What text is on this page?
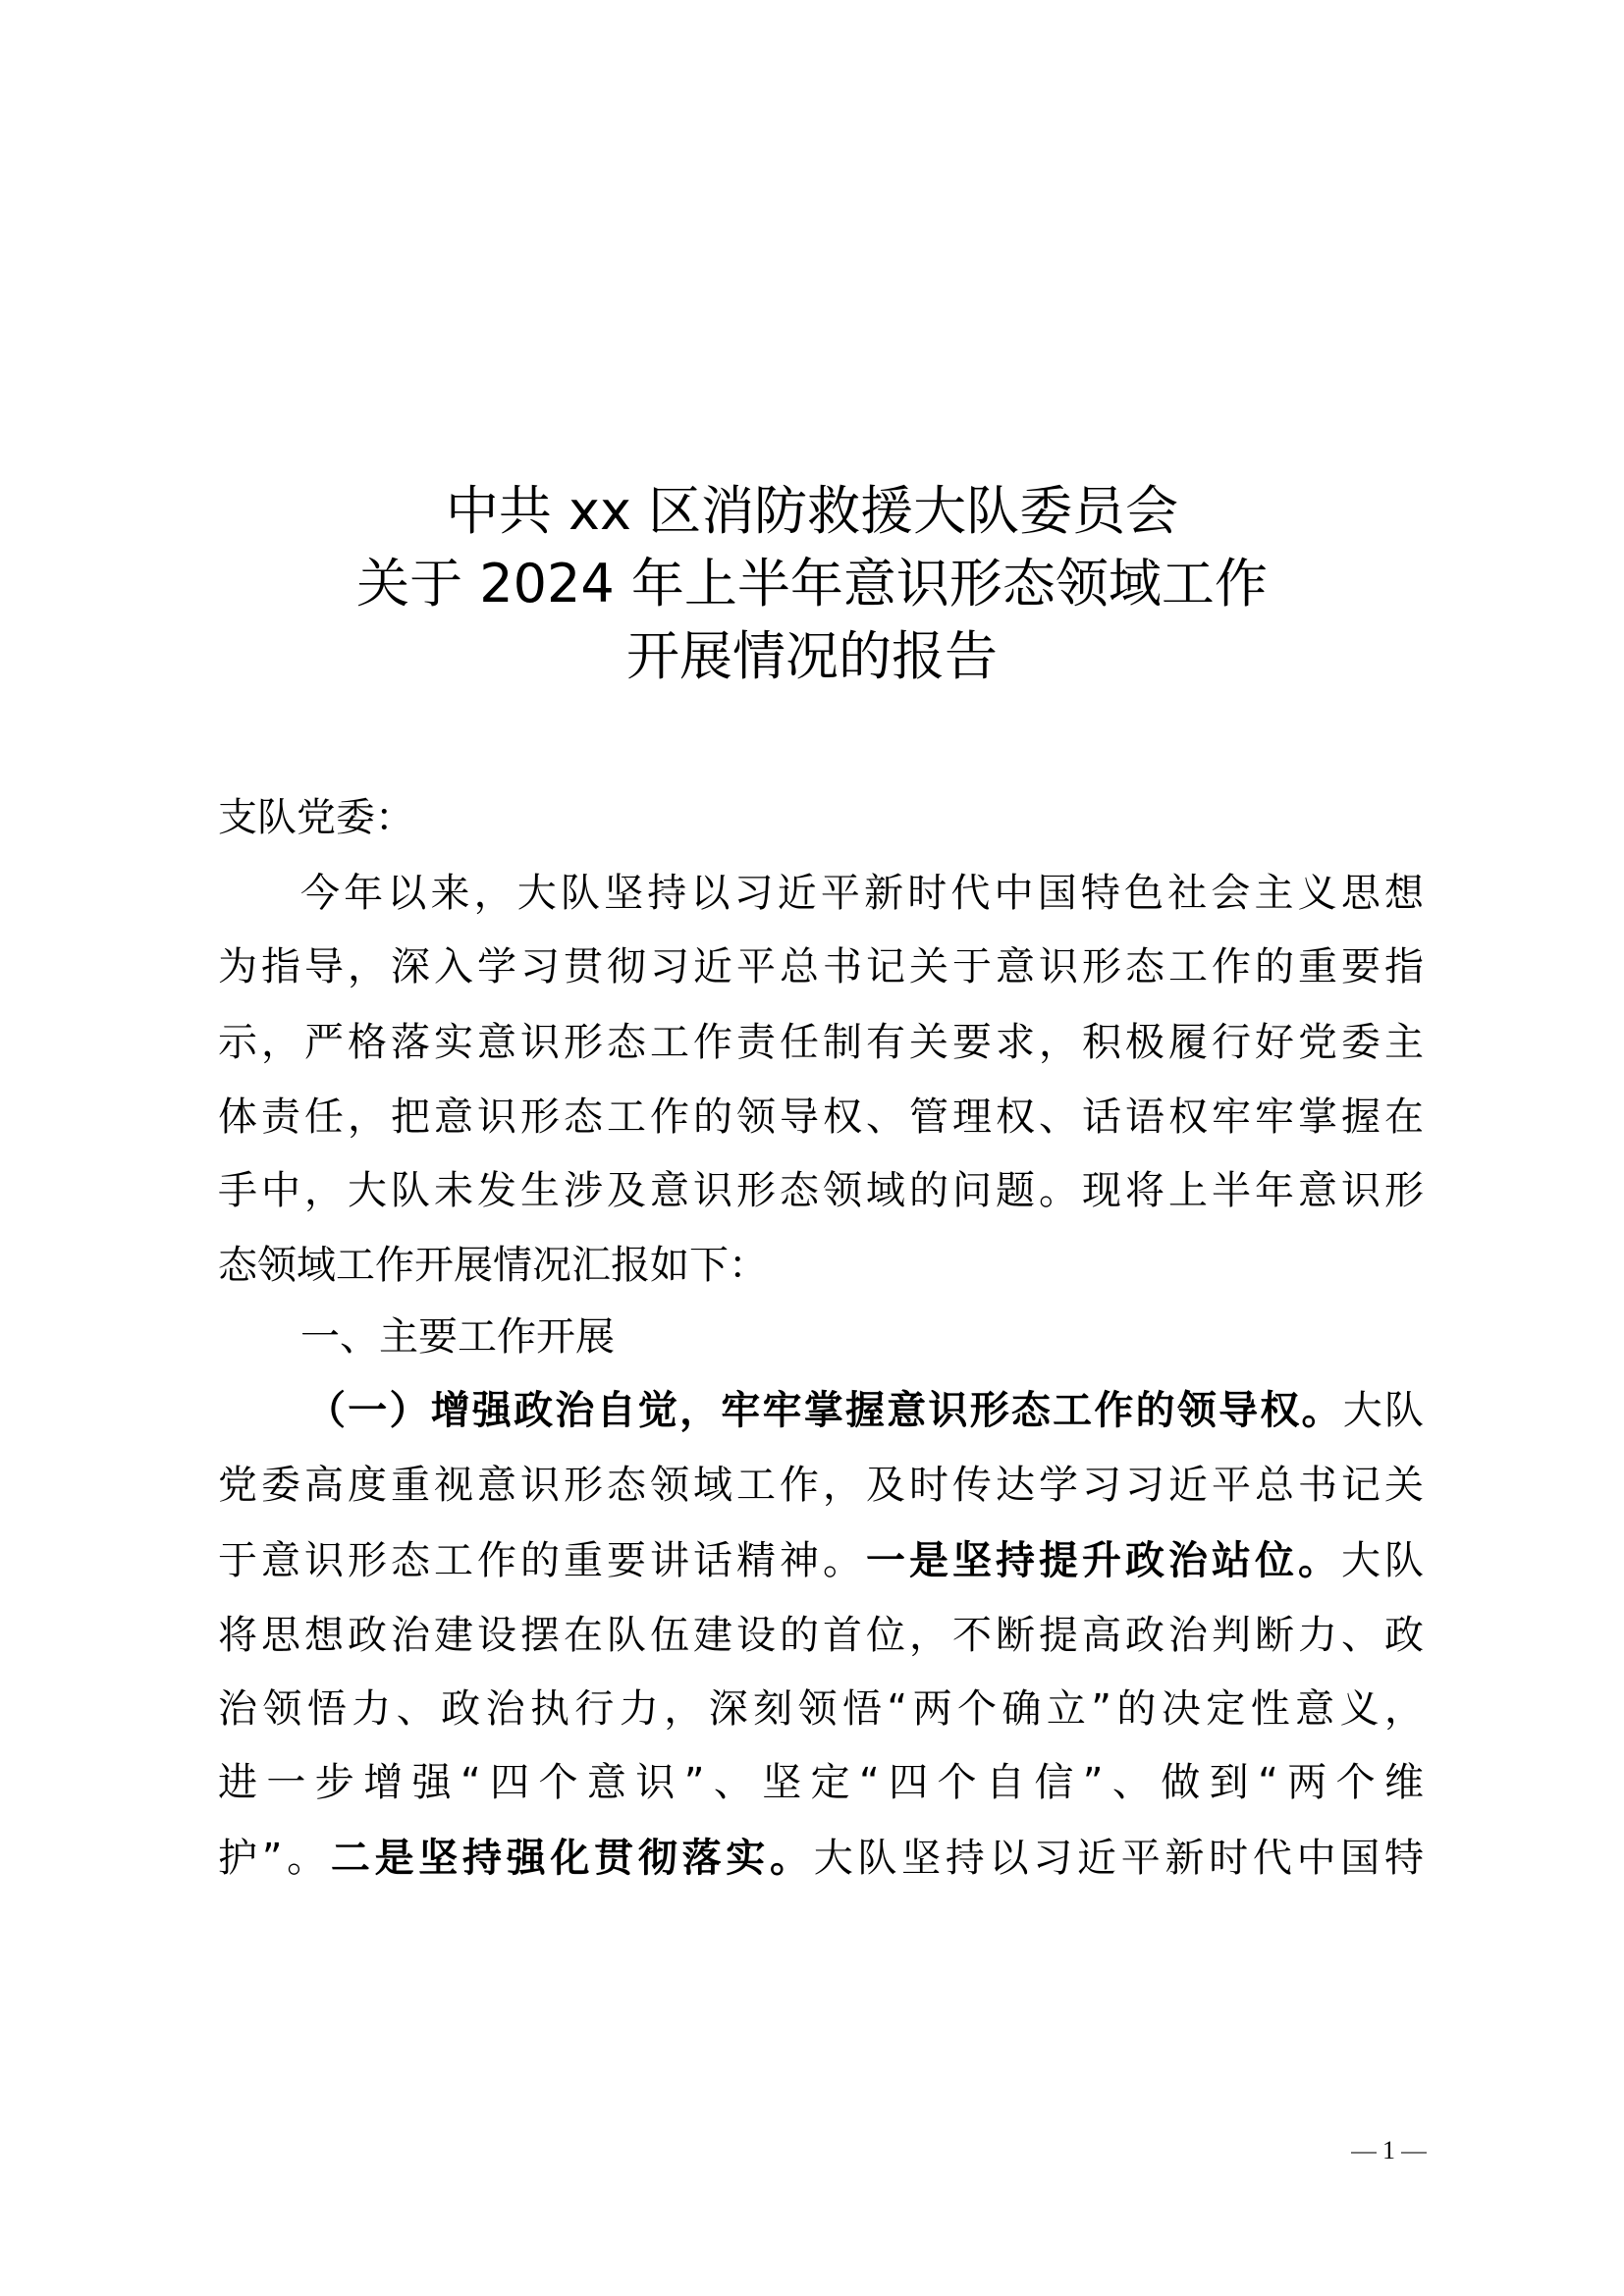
中共 xx 区消防救援大队委员会
关于 2024 年上半年意识形态领域工作
开展情况的报告
支队党委：
今年以来，大队坚持以习近平新时代中国特色社会主义思想
为指导，深入学习贯彻习近平总书记关于意识形态工作的重要指
示，严格落实意识形态工作责任制有关要求，积极履行好党委主
体责任，把意识形态工作的领导权、管理权、话语权牢牢掌握在
手中，大队未发生涉及意识形态领域的问题。现将上半年意识形
态领域工作开展情况汇报如下：
一、主要工作开展
（一）增强政治自觉，牢牢掌握意识形态工作的领导权。大队
党委高度重视意识形态领域工作，及时传达学习习近平总书记关
于意识形态工作的重要讲话精神。一是坚持提升政治站位。大队
将思想政治建设摆在队伍建设的首位，不断提高政治判断力、政
治领悟力、政治执行力，深刻领悟“两个确立”的决定性意义，
进一步增强“四个意识”、坚定“四个自信”、做到“两个维
护”。二是坚持强化贯彻落实。大队坚持以习近平新时代中国特
1
